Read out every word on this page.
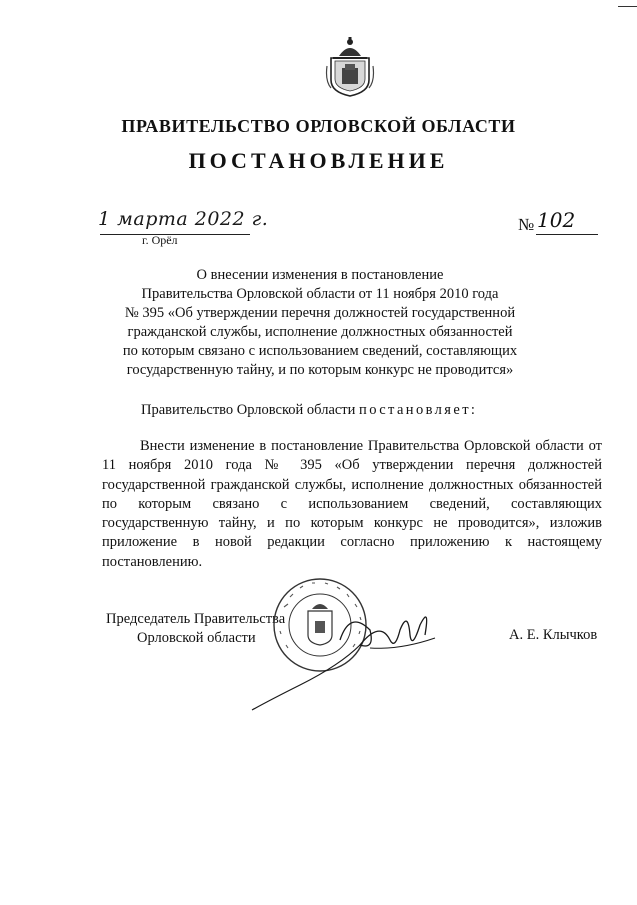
ПРАВИТЕЛЬСТВО ОРЛОВСКОЙ ОБЛАСТИ
ПОСТАНОВЛЕНИЕ
1 марта 2022 г.
г. Орёл
№ 102
О внесении изменения в постановление
Правительства Орловской области от 11 ноября 2010 года
№ 395 «Об утверждении перечня должностей государственной
гражданской службы, исполнение должностных обязанностей
по которым связано с использованием сведений, составляющих
государственную тайну, и по которым конкурс не проводится»
Правительство Орловской области постановляет:
Внести изменение в постановление Правительства Орловской области от 11 ноября 2010 года № 395 «Об утверждении перечня должностей государственной гражданской службы, исполнение должностных обязанностей по которым связано с использованием сведений, составляющих государственную тайну, и по которым конкурс не проводится», изложив приложение в новой редакции согласно приложению к настоящему постановлению.
Председатель Правительства
Орловской области	А. Е. Клычков
